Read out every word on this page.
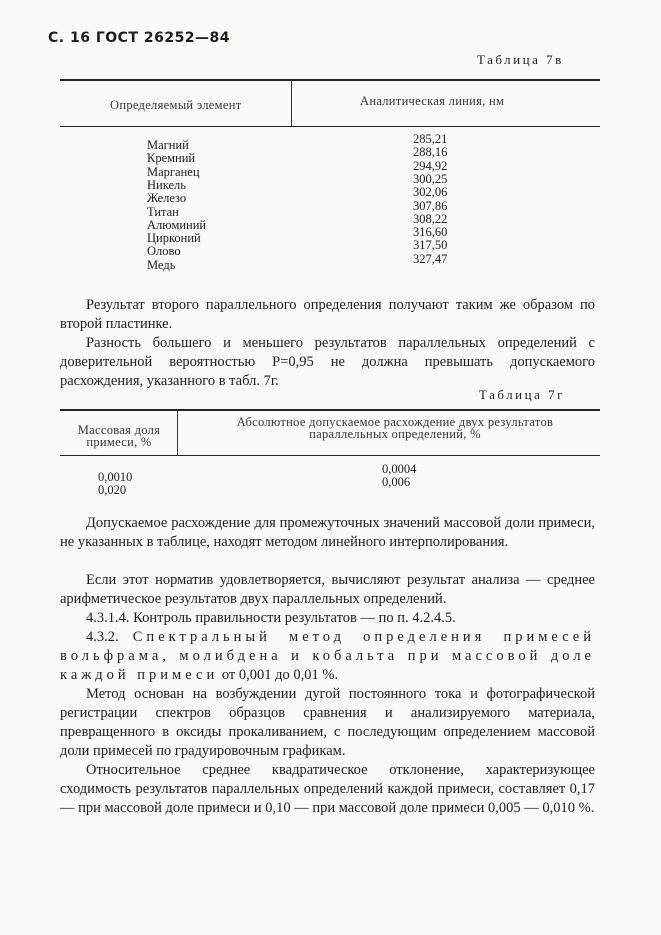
С. 16 ГОСТ 26252—84
Таблица 7в
Определяемый элемент	Аналитическая линия, нм
Магний
Кремний
Марганец
Никель
Железо
Титан
Алюминий
Цирконий
Олово
Медь
285,21
288,16
294,92
300,25
302,06
307,86
308,22
316,60
317,50
327,47
Результат второго параллельного определения получают таким же образом по второй пластинке.
Разность большего и меньшего результатов параллельных определений с доверительной вероятностью Р=0,95 не должна превышать допускаемого расхождения, указанного в табл. 7г.
Таблица 7г
Массовая доля примеси, %
Абсолютное допускаемое расхождение двух результатов параллельных определений, %
0,0010
0,020
0,0004
0,006
Допускаемое расхождение для промежуточных значений массовой доли примеси, не указанных в таблице, находят методом линейного интерполирования.
Если этот норматив удовлетворяется, вычисляют результат анализа — среднее арифметическое результатов двух параллельных определений.
4.3.1.4. Контроль правильности результатов — по п. 4.2.4.5.
4.3.2. Спектральный метод определения примесей вольфрама, молибдена и кобальта при массовой доле каждой примеси от 0,001 до 0,01 %.
Метод основан на возбуждении дугой постоянного тока и фотографической регистрации спектров образцов сравнения и анализируемого материала, превращенного в оксиды прокаливанием, с последующим определением массовой доли примесей по градуировочным графикам.
Относительное среднее квадратическое отклонение, характеризующее сходимость результатов параллельных определений каждой примеси, составляет 0,17 — при массовой доле примеси и 0,10 — при массовой доле примеси 0,005 — 0,010 %.
